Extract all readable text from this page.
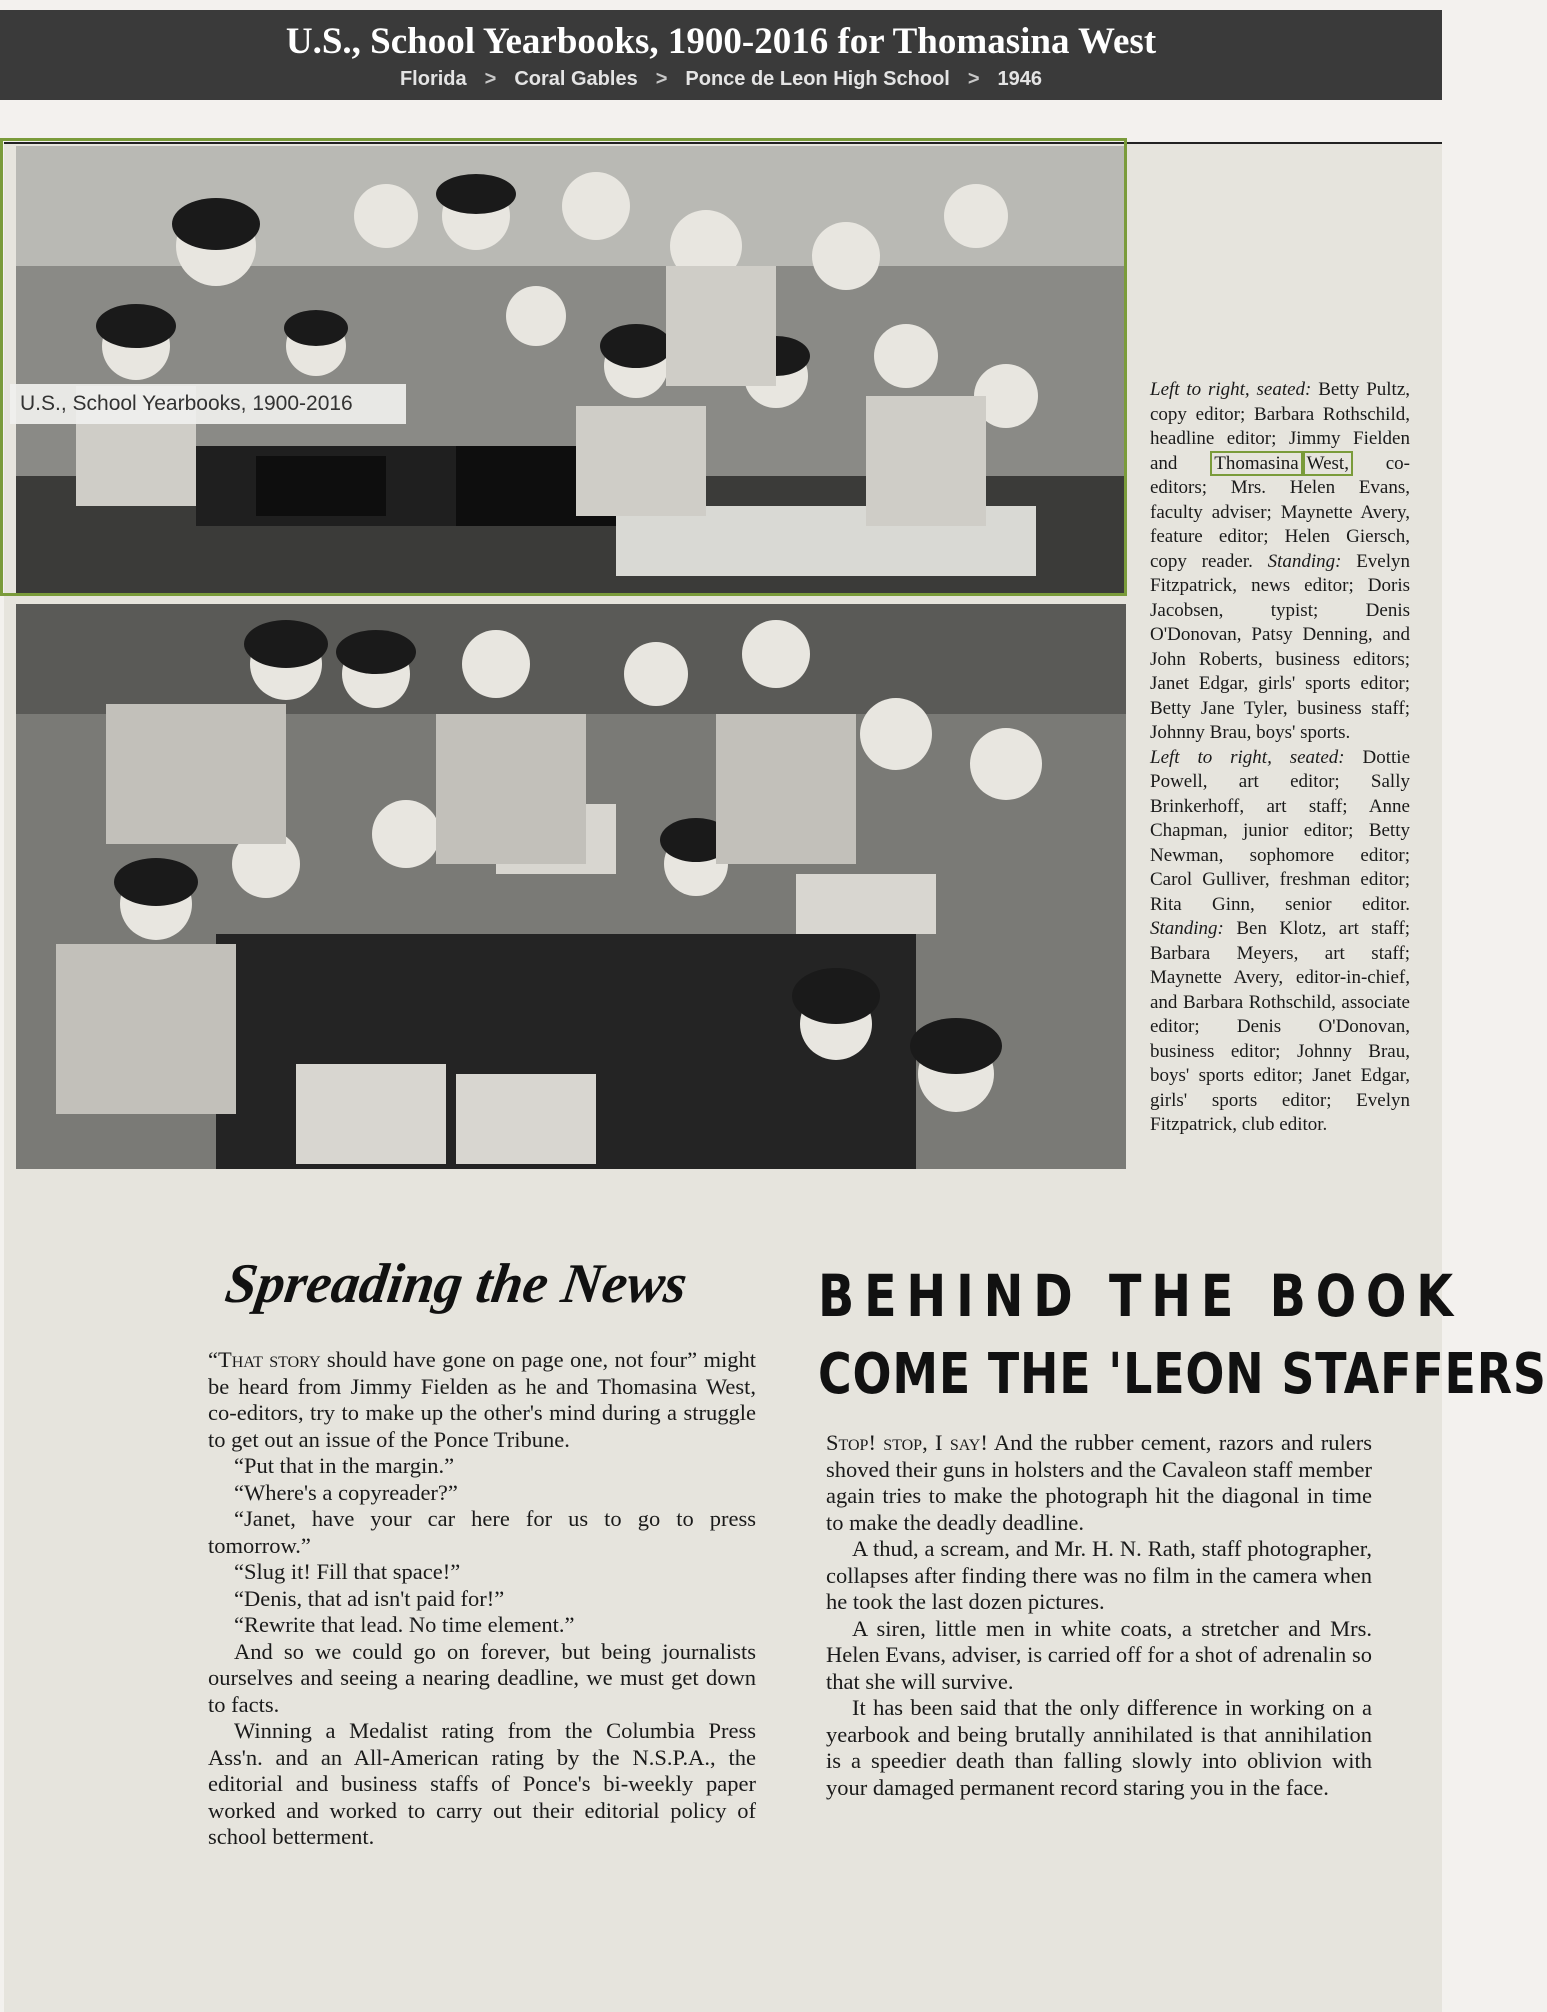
U.S., School Yearbooks, 1900-2016 for Thomasina West
Florida > Coral Gables > Ponce de Leon High School > 1946
Left to right, seated: Betty Pultz, copy editor; Barbara Rothschild, headline editor; Jimmy Fielden and Thomasina West, co-editors; Mrs. Helen Evans, faculty adviser; Maynette Avery, feature editor; Helen Giersch, copy reader. Standing: Evelyn Fitzpatrick, news editor; Doris Jacobsen, typist; Denis O'Donovan, Patsy Denning, and John Roberts, business editors; Janet Edgar, girls' sports editor; Betty Jane Tyler, business staff; Johnny Brau, boys' sports.
Left to right, seated: Dottie Powell, art editor; Sally Brinkerhoff, art staff; Anne Chapman, junior editor; Betty Newman, sophomore editor; Carol Gulliver, freshman editor; Rita Ginn, senior editor. Standing: Ben Klotz, art staff; Barbara Meyers, art staff; Maynette Avery, editor-in-chief, and Barbara Rothschild, associate editor; Denis O'Donovan, business editor; Johnny Brau, boys' sports editor; Janet Edgar, girls' sports editor; Evelyn Fitzpatrick, club editor.
Spreading the News	BEHIND THE BOOK
COME THE 'LEON STAFFERS

“That story should have gone on page one, not four” might be heard from Jimmy Fielden as he and Thomasina West, co-editors, try to make up the other's mind during a struggle to get out an issue of the Ponce Tribune.

“Put that in the margin.”

“Where's a copyreader?”

“Janet, have your car here for us to go to press tomorrow.”

“Slug it! Fill that space!”

“Denis, that ad isn't paid for!”

“Rewrite that lead. No time element.”

And so we could go on forever, but being journalists ourselves and seeing a nearing deadline, we must get down to facts.

Winning a Medalist rating from the Columbia Press Ass'n. and an All-American rating by the N.S.P.A., the editorial and business staffs of Ponce's bi-weekly paper worked and worked to carry out their editorial policy of school betterment.

Stop! stop, I say! And the rubber cement, razors and rulers shoved their guns in holsters and the Cavaleon staff member again tries to make the photograph hit the diagonal in time to make the deadly deadline.

A thud, a scream, and Mr. H. N. Rath, staff photographer, collapses after finding there was no film in the camera when he took the last dozen pictures.

A siren, little men in white coats, a stretcher and Mrs. Helen Evans, adviser, is carried off for a shot of adrenalin so that she will survive.

It has been said that the only difference in working on a yearbook and being brutally annihilated is that annihilation is a speedier death than falling slowly into oblivion with your damaged permanent record staring you in the face.

U.S., School Yearbooks, 1900-2016
